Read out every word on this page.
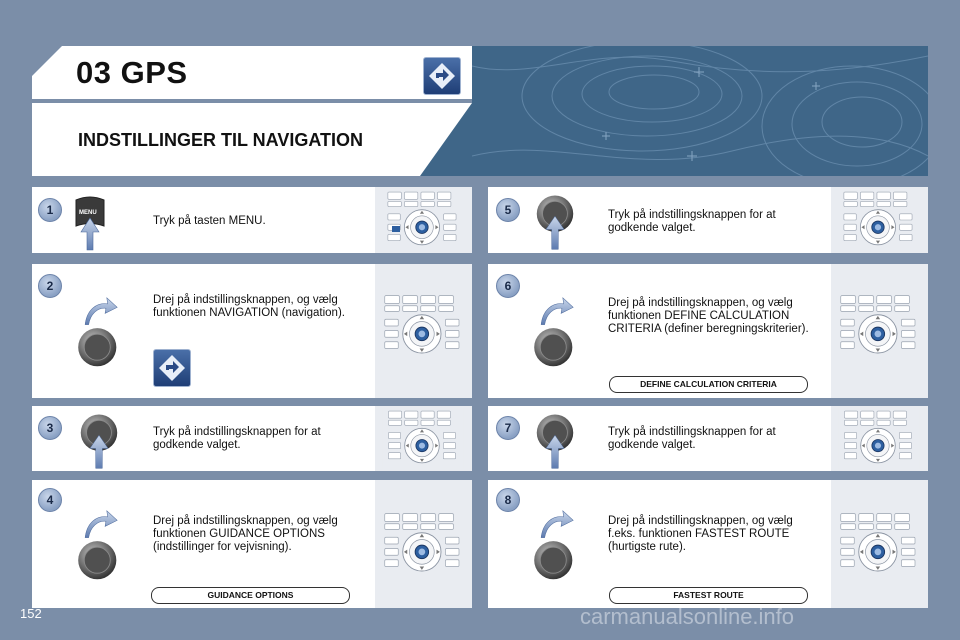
03 GPS
INDSTILLINGER TIL NAVIGATION
1	MENU
Tryk på tasten MENU.
2
Drej på indstillingsknappen, og vælg funktionen NAVIGATION (navigation).
3	Tryk på indstillingsknappen for at godkende valget.
4
Drej på indstillingsknappen, og vælg funktionen GUIDANCE OPTIONS (indstillinger for vejvisning).
GUIDANCE OPTIONS
5	Tryk på indstillingsknappen for at godkende valget.
6
Drej på indstillingsknappen, og vælg funktionen DEFINE CALCULATION CRITERIA (definer beregningskriterier).
DEFINE CALCULATION CRITERIA
7	Tryk på indstillingsknappen for at godkende valget.
8
Drej på indstillingsknappen, og vælg f.eks. funktionen FASTEST ROUTE (hurtigste rute).
FASTEST ROUTE
152	carmanualsonline.info
